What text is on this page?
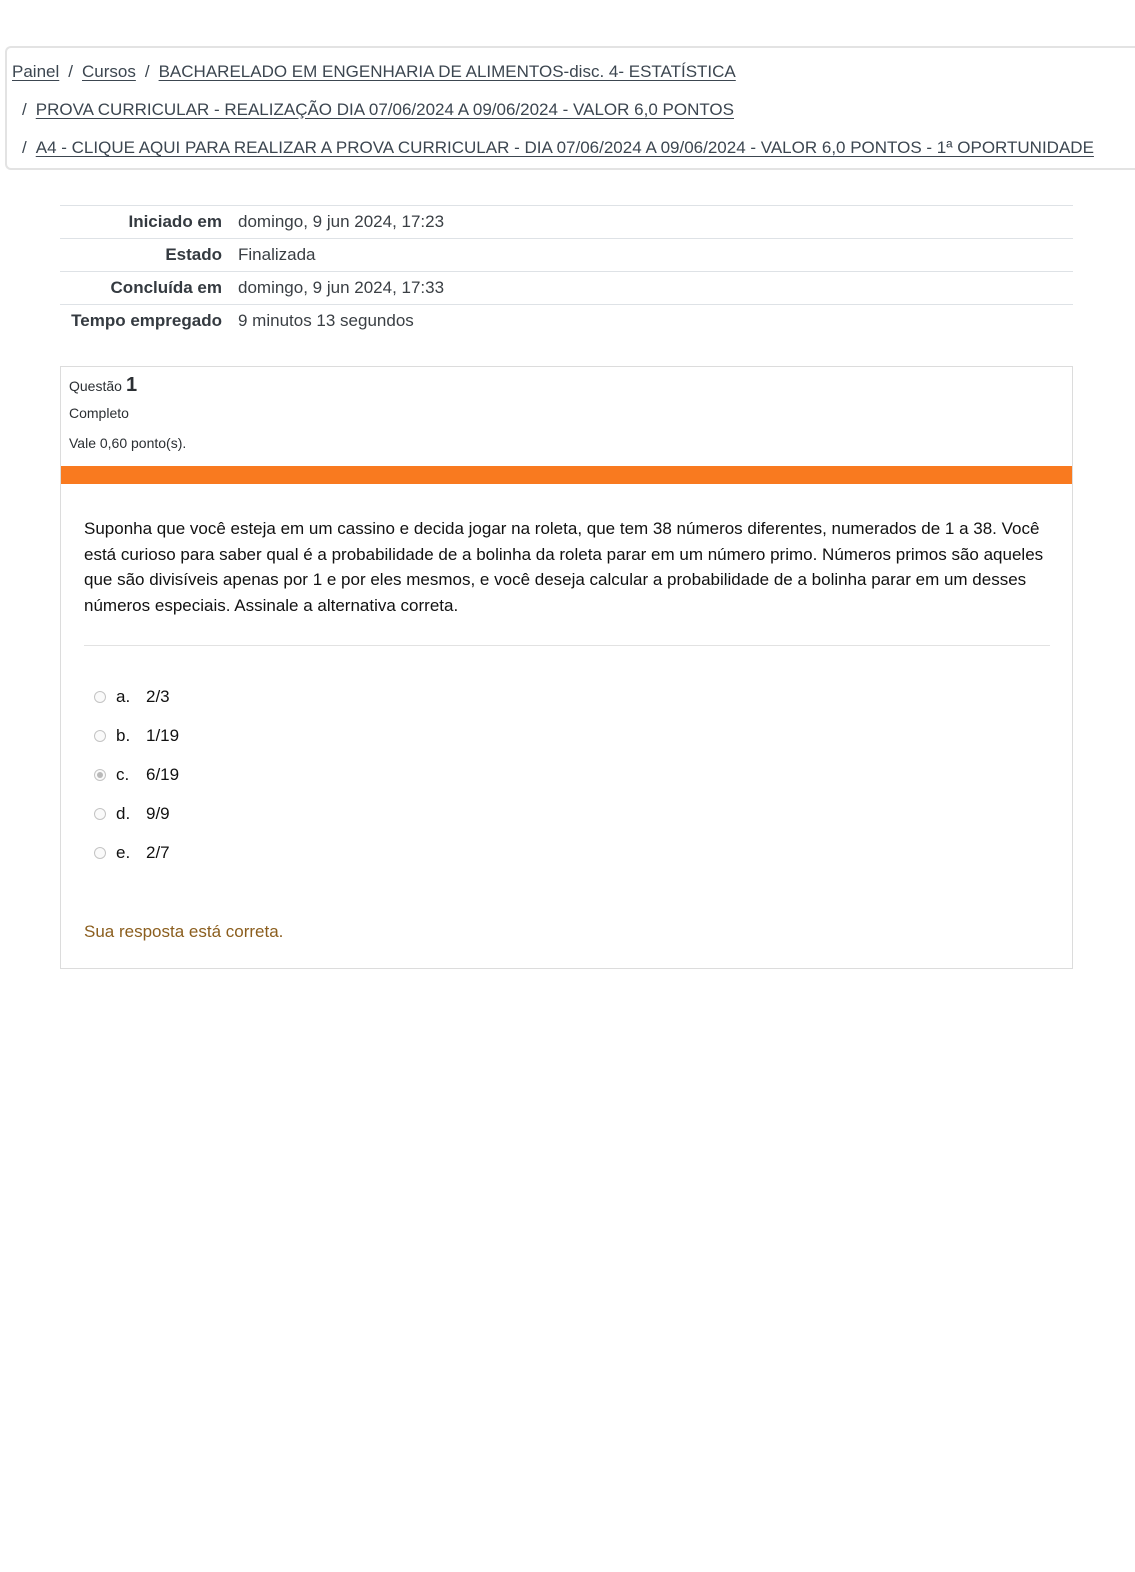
Painel / Cursos / BACHARELADO EM ENGENHARIA DE ALIMENTOS-disc. 4- ESTATÍSTICA
/ PROVA CURRICULAR - REALIZAÇÃO DIA 07/06/2024 A 09/06/2024 - VALOR 6,0 PONTOS
/ A4 - CLIQUE AQUI PARA REALIZAR A PROVA CURRICULAR - DIA 07/06/2024 A 09/06/2024 - VALOR 6,0 PONTOS - 1ª OPORTUNIDADE
Iniciado em	domingo, 9 jun 2024, 17:23
Estado	Finalizada
Concluída em	domingo, 9 jun 2024, 17:33
Tempo empregado	9 minutos 13 segundos
Questão 1
Completo
Vale 0,60 ponto(s).
Suponha que você esteja em um cassino e decida jogar na roleta, que tem 38 números diferentes, numerados de 1 a 38. Você está curioso para saber qual é a probabilidade de a bolinha da roleta parar em um número primo. Números primos são aqueles que são divisíveis apenas por 1 e por eles mesmos, e você deseja calcular a probabilidade de a bolinha parar em um desses números especiais. Assinale a alternativa correta.
a. 2/3
b. 1/19
c. 6/19
d. 9/9
e. 2/7
Sua resposta está correta.
